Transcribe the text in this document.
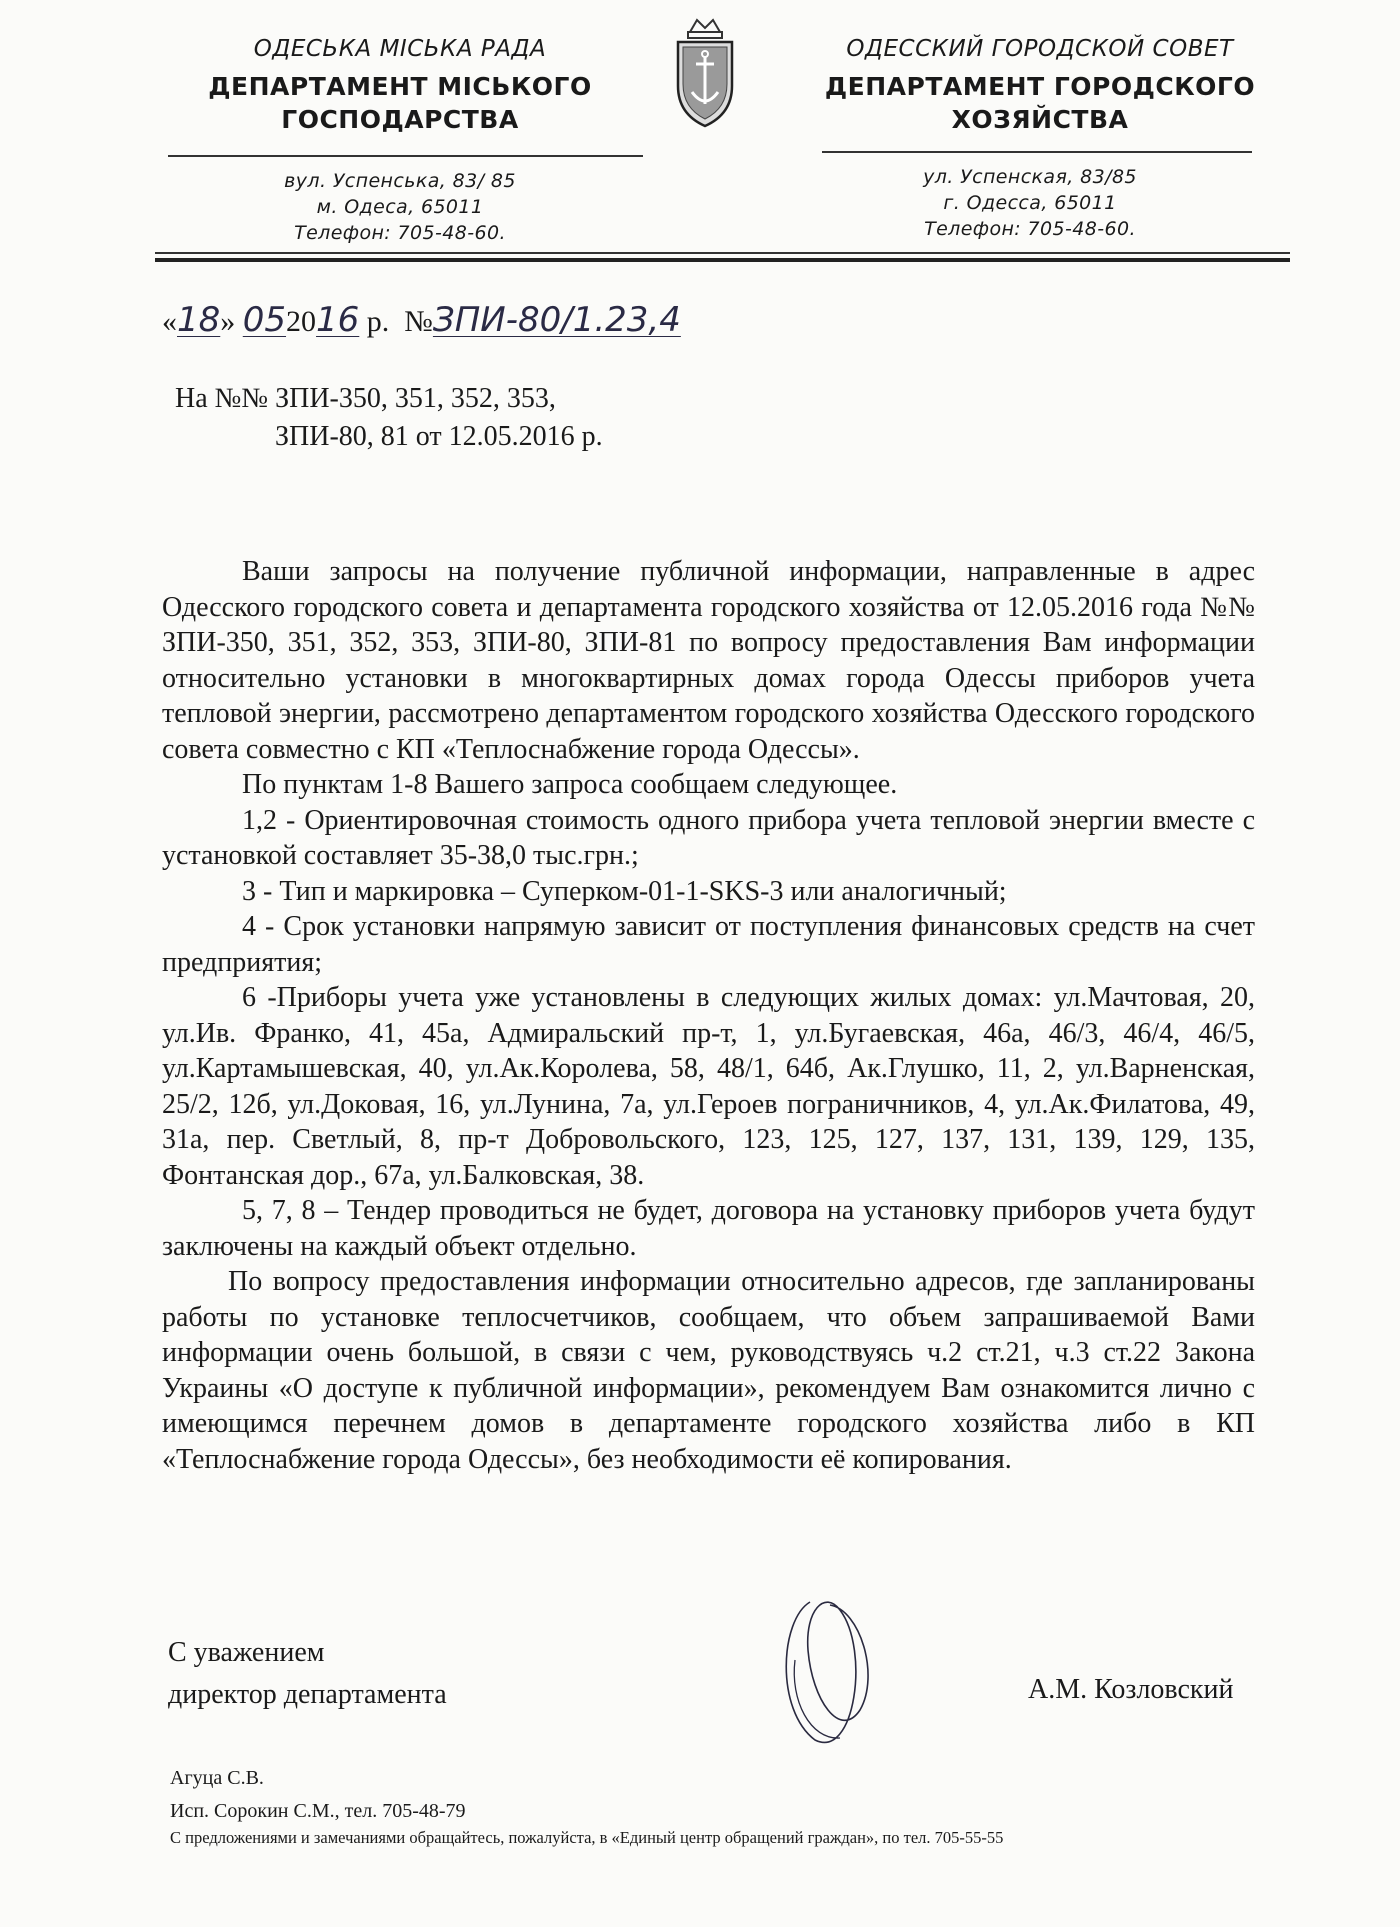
ОДЕСЬКА МІСЬКА РАДА
ДЕПАРТАМЕНТ МІСЬКОГО
ГОСПОДАРСТВА
ОДЕССКИЙ ГОРОДСКОЙ СОВЕТ
ДЕПАРТАМЕНТ ГОРОДСКОГО
ХОЗЯЙСТВА
вул. Успенська, 83/ 85
м. Одеса, 65011
Телефон: 705-48-60.
ул. Успенская, 83/85
г. Одесса, 65011
Телефон: 705-48-60.
«18» 052016 р. №ЗПИ-80/1.23,4
На №№ ЗПИ-350, 351, 352, 353,
ЗПИ-80, 81 от 12.05.2016 р.

Ваши запросы на получение публичной информации, направленные в адрес Одесского городского совета и департамента городского хозяйства от 12.05.2016 года №№ ЗПИ-350, 351, 352, 353, ЗПИ-80, ЗПИ-81 по вопросу предоставления Вам информации относительно установки в многоквартирных домах города Одессы приборов учета тепловой энергии, рассмотрено департаментом городского хозяйства Одесского городского совета совместно с КП «Теплоснабжение города Одессы».

По пунктам 1-8 Вашего запроса сообщаем следующее.

1,2 - Ориентировочная стоимость одного прибора учета тепловой энергии вместе с установкой составляет 35-38,0 тыс.грн.;

3 - Тип и маркировка – Суперком-01-1-SKS-3 или аналогичный;

4 - Срок установки напрямую зависит от поступления финансовых средств на счет предприятия;

6 -Приборы учета уже установлены в следующих жилых домах: ул.Мачтовая, 20, ул.Ив. Франко, 41, 45а, Адмиральский пр-т, 1, ул.Бугаевская, 46а, 46/3, 46/4, 46/5, ул.Картамышевская, 40, ул.Ак.Королева, 58, 48/1, 64б, Ак.Глушко, 11, 2, ул.Варненская, 25/2, 12б, ул.Доковая, 16, ул.Лунина, 7а, ул.Героев пограничников, 4, ул.Ак.Филатова, 49, 31а, пер. Светлый, 8, пр-т Добровольского, 123, 125, 127, 137, 131, 139, 129, 135, Фонтанская дор., 67а, ул.Балковская, 38.

5, 7, 8 – Тендер проводиться не будет, договора на установку приборов учета будут заключены на каждый объект отдельно.

По вопросу предоставления информации относительно адресов, где запланированы работы по установке теплосчетчиков, сообщаем, что объем запрашиваемой Вами информации очень большой, в связи с чем, руководствуясь ч.2 ст.21, ч.3 ст.22 Закона Украины «О доступе к публичной информации», рекомендуем Вам ознакомится лично с имеющимся перечнем домов в департаменте городского хозяйства либо в КП «Теплоснабжение города Одессы», без необходимости её копирования.

С уважением
директор департамента	А.М. Козловский
Агуца С.В.
Исп. Сорокин С.М., тел. 705-48-79
С предложениями и замечаниями обращайтесь, пожалуйста, в «Единый центр обращений граждан», по тел. 705-55-55
